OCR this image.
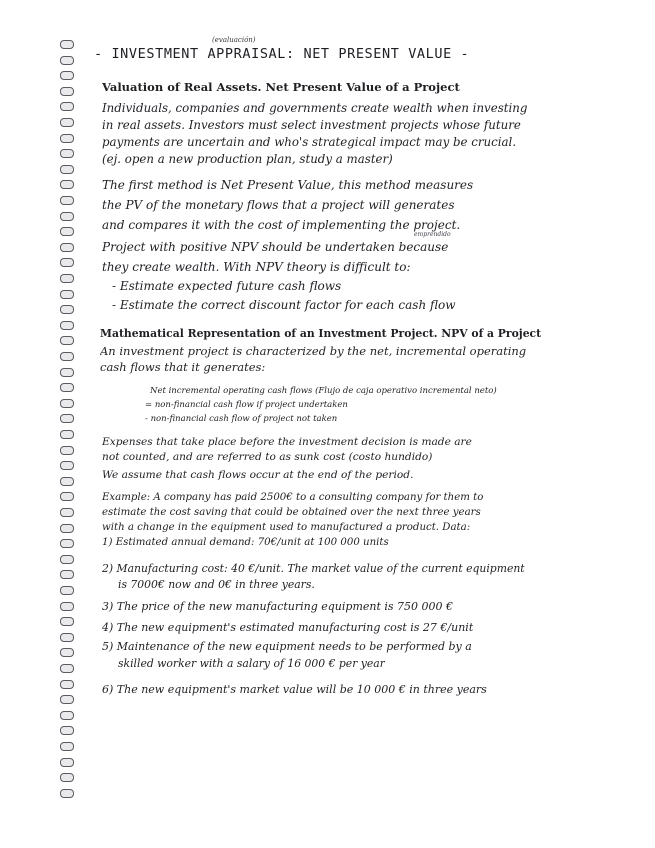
(evaluación)
- INVESTMENT APPRAISAL: NET PRESENT VALUE -
Valuation of Real Assets. Net Present Value of a Project
Individuals, companies and governments create wealth when investing
in real assets. Investors must select investment projects whose future
payments are uncertain and who's strategical impact may be crucial.
(ej. open a new production plan, study a master)
The first method is Net Present Value, this method measures
the PV of the monetary flows that a project will generates
and compares it with the cost of implementing the project.
emprendido
Project with positive NPV should be undertaken because
they create wealth. With NPV theory is difficult to:
- Estimate expected future cash flows
- Estimate the correct discount factor for each cash flow
Mathematical Representation of an Investment Project. NPV of a Project
An investment project is characterized by the net, incremental operating
cash flows that it generates:
Net incremental operating cash flows (Flujo de caja operativo incremental neto)
= non-financial cash flow if project undertaken
- non-financial cash flow of project not taken
Expenses that take place before the investment decision is made are
not counted, and are referred to as sunk cost (costo hundido)
We assume that cash flows occur at the end of the period.
Example: A company has paid 2500€ to a consulting company for them to
estimate the cost saving that could be obtained over the next three years
with a change in the equipment used to manufactured a product. Data:
1) Estimated annual demand: 70€/unit at 100 000 units
2) Manufacturing cost: 40 €/unit. The market value of the current equipment
is 7000€ now and 0€ in three years.
3) The price of the new manufacturing equipment is 750 000 €
4) The new equipment's estimated manufacturing cost is 27 €/unit
5) Maintenance of the new equipment needs to be performed by a
skilled worker with a salary of 16 000 € per year
6) The new equipment's market value will be 10 000 € in three years
